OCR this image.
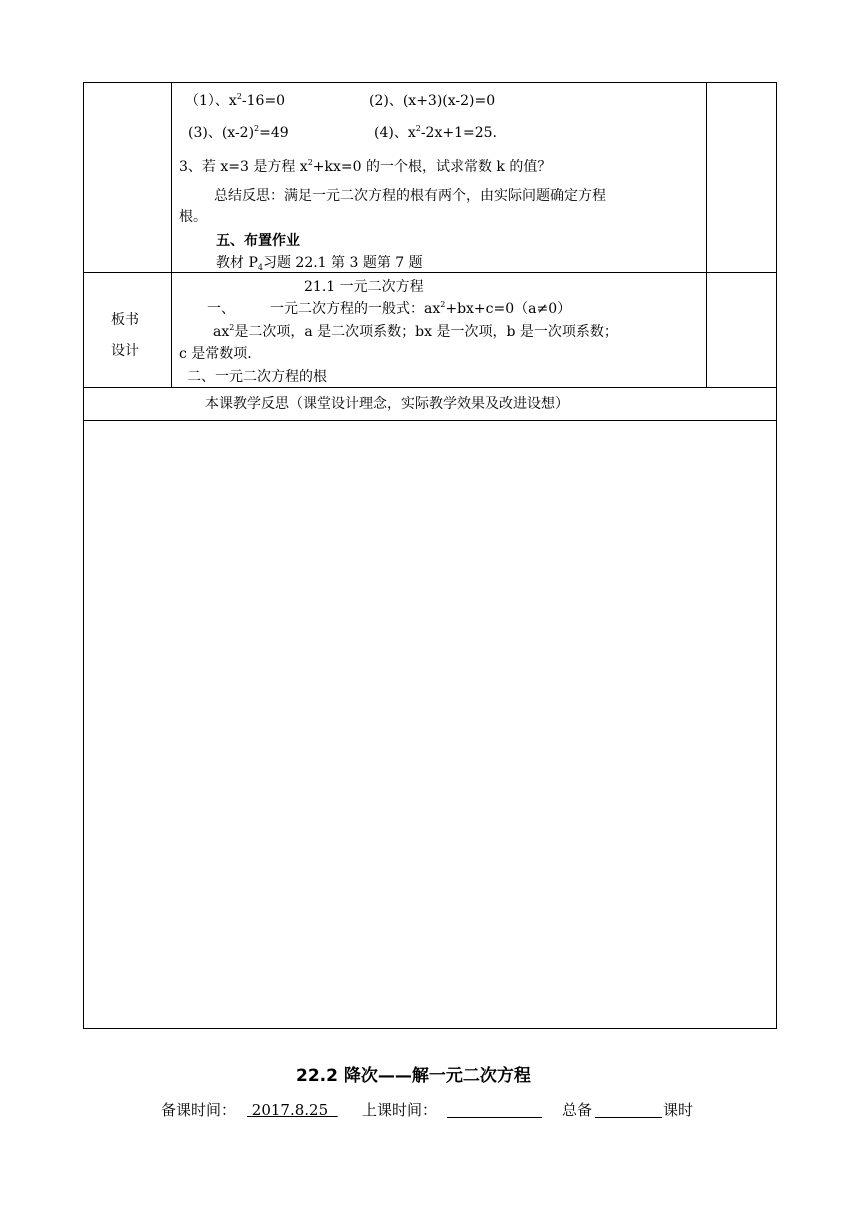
（1）、$x^2-16=0$	(2)、(x+3)(x-2)=0
(3)、$(x-2)^2=49$	(4)、$x^2-2x+1=25$.
3、若 x=3 是方程 $x^2+kx=0$ 的一个根，试求常数 k 的值？
总结反思：满足一元二次方程的根有两个，由实际问题确定方程
根。
五、布置作业
教材 $P_4$习题 22.1 第 3 题第 7 题
板书
设计
21.1 一元二次方程
一、	一元二次方程的一般式：$ax^2+bx+c=0(a\ne 0)$
$ax^2$是二次项，a 是二次项系数；bx 是一次项，b 是一次项系数；
c 是常数项.
二、一元二次方程的根
本课教学反思（课堂设计理念，实际教学效果及改进设想）
22.2 降次——解一元二次方程
备课时间：	2017.8.25	上课时间：	总备	课时
